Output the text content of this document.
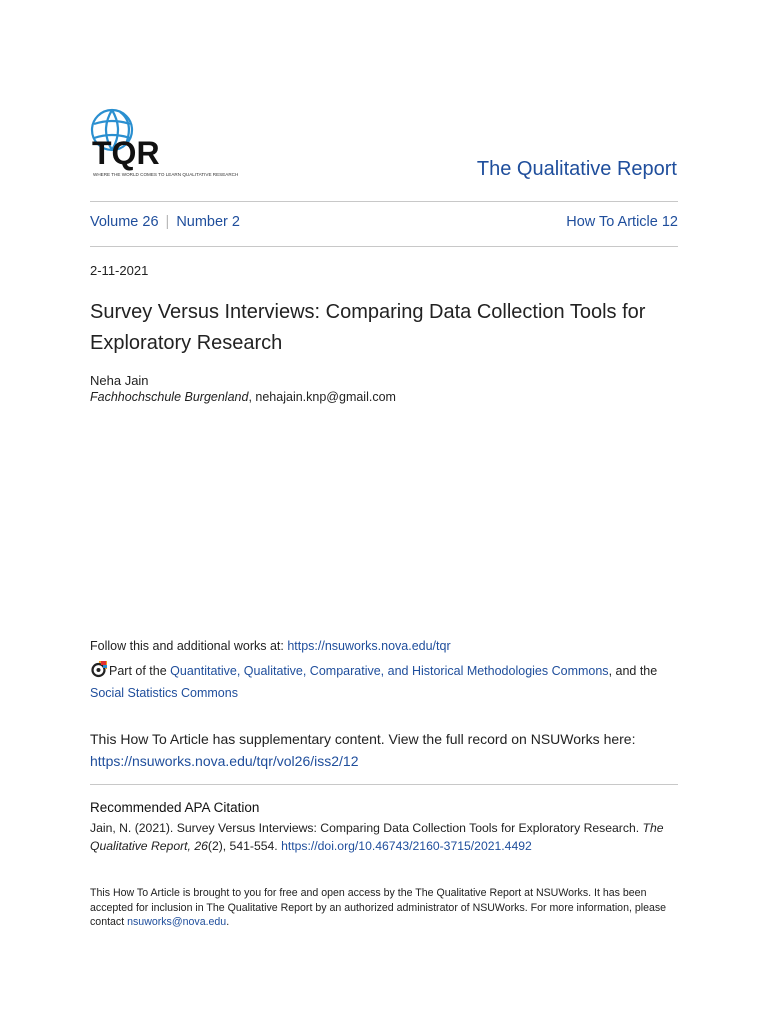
TQR
WHERE THE WORLD COMES TO LEARN QUALITATIVE RESEARCH	The Qualitative Report
Volume 26 | Number 2	How To Article 12
2-11-2021
Survey Versus Interviews: Comparing Data Collection Tools for Exploratory Research
Neha Jain
Fachhochschule Burgenland, nehajain.knp@gmail.com
Follow this and additional works at: https://nsuworks.nova.edu/tqr
Part of the Quantitative, Qualitative, Comparative, and Historical Methodologies Commons, and the
Social Statistics Commons
This How To Article has supplementary content. View the full record on NSUWorks here:
https://nsuworks.nova.edu/tqr/vol26/iss2/12
Recommended APA Citation
Jain, N. (2021). Survey Versus Interviews: Comparing Data Collection Tools for Exploratory Research. The Qualitative Report, 26(2), 541-554. https://doi.org/10.46743/2160-3715/2021.4492
This How To Article is brought to you for free and open access by the The Qualitative Report at NSUWorks. It has been accepted for inclusion in The Qualitative Report by an authorized administrator of NSUWorks. For more information, please contact nsuworks@nova.edu.
